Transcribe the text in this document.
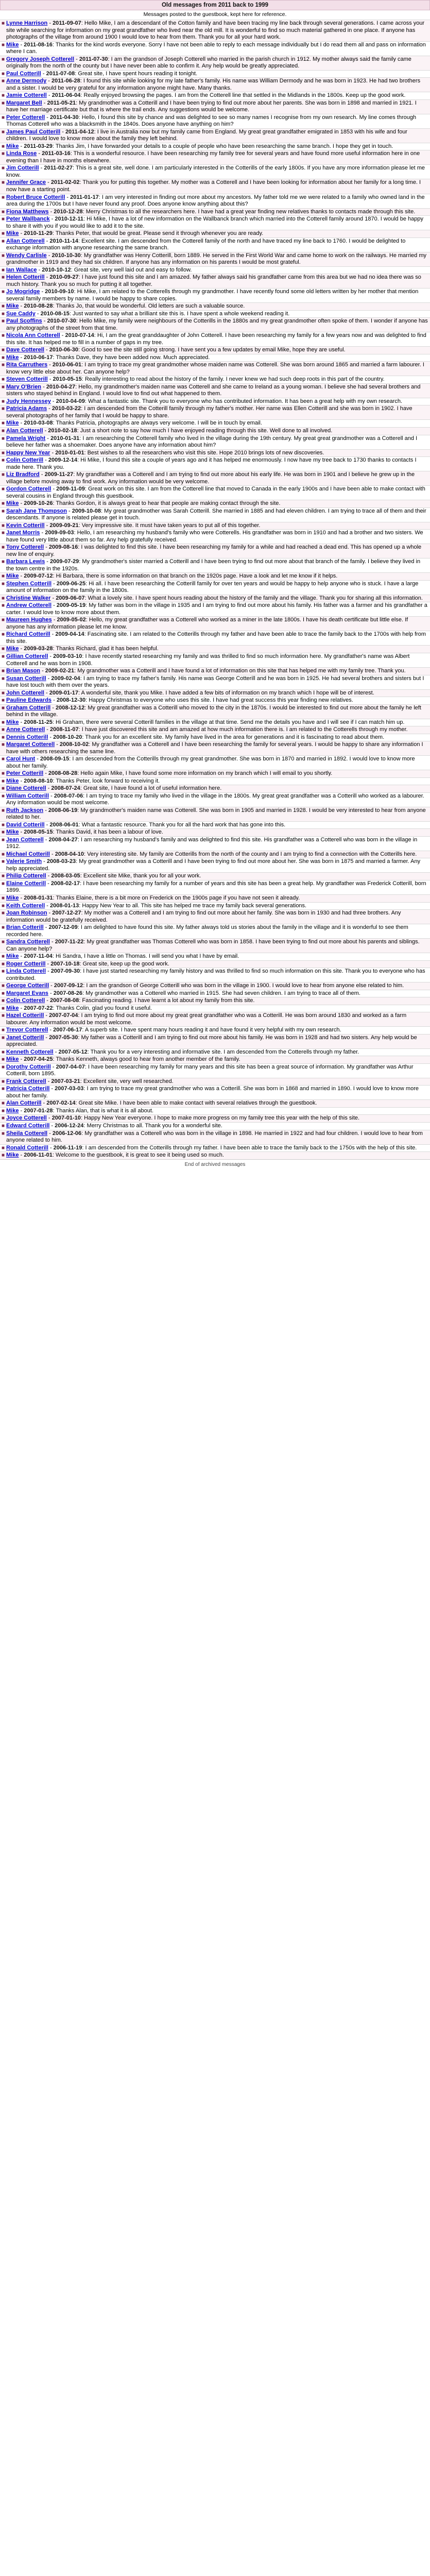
Old messages from 2011 back to 1999
Messages posted to the guestbook, kept here for reference.
■ Lynne Harrison - 2011-09-07: Hello Mike, I am a descendant of the Cotton family and have been tracing my line back through several generations. I came across your site while searching for information on my great grandfather who lived near the old mill. It is wonderful to find so much material gathered in one place. If anyone has photographs of the village from around 1900 I would love to hear from them. Thank you for all your hard work.
■ Mike - 2011-08-16: Thanks for the kind words everyone. Sorry I have not been able to reply to each message individually but I do read them all and pass on information where I can.
■ Gregory Joseph Cotterell - 2011-07-30: I am the grandson of Joseph Cotterell who married in the parish church in 1912. My mother always said the family came originally from the north of the county but I have never been able to confirm it. Any help would be greatly appreciated.
■ Paul Cotterill - 2011-07-08: Great site, I have spent hours reading it tonight.
■ Anne Dermody - 2011-06-28: I found this site while looking for my late father's family. His name was William Dermody and he was born in 1923. He had two brothers and a sister. I would be very grateful for any information anyone might have. Many thanks.
■ Jamie Cotterell - 2011-06-04: Really enjoyed browsing the pages. I am from the Cotterell line that settled in the Midlands in the 1800s. Keep up the good work.
■ Margaret Bell - 2011-05-21: My grandmother was a Cotterill and I have been trying to find out more about her parents. She was born in 1898 and married in 1921. I have her marriage certificate but that is where the trail ends. Any suggestions would be welcome.
■ Peter Cotterell - 2011-04-30: Hello, I found this site by chance and was delighted to see so many names I recognise from my own research. My line comes through Thomas Cotterell who was a blacksmith in the 1840s. Does anyone have anything on him?
■ James Paul Cotterill - 2011-04-12: I live in Australia now but my family came from England. My great great grandfather emigrated in 1853 with his wife and four children. I would love to know more about the family they left behind.
■ Mike - 2011-03-29: Thanks Jim, I have forwarded your details to a couple of people who have been researching the same branch. I hope they get in touch.
■ Linda Rose - 2011-03-16: This is a wonderful resource. I have been researching my family tree for several years and have found more useful information here in one evening than I have in months elsewhere.
■ Jim Cotterill - 2011-02-27: This is a great site, well done. I am particularly interested in the Cotterills of the early 1800s. If you have any more information please let me know.
■ Jennifer Grace - 2011-02-02: Thank you for putting this together. My mother was a Cotterell and I have been looking for information about her family for a long time. I now have a starting point.
■ Robert Bruce Cotterill - 2011-01-17: I am very interested in finding out more about my ancestors. My father told me we were related to a family who owned land in the area during the 1700s but I have never found any proof. Does anyone know anything about this?
■ Fiona Matthews - 2010-12-28: Merry Christmas to all the researchers here. I have had a great year finding new relatives thanks to contacts made through this site.
■ Peter Wallbanck - 2010-12-11: Hi Mike, I have a lot of new information on the Wallbanck branch which married into the Cotterell family around 1870. I would be happy to share it with you if you would like to add it to the site.
■ Mike - 2010-11-29: Thanks Peter, that would be great. Please send it through whenever you are ready.
■ Allan Cotterell - 2010-11-14: Excellent site. I am descended from the Cotterell family of the north and have traced my line back to 1760. I would be delighted to exchange information with anyone researching the same branch.
■ Wendy Carlisle - 2010-10-30: My grandfather was Henry Cotterill, born 1889. He served in the First World War and came home to work on the railways. He married my grandmother in 1919 and they had six children. If anyone has any information on his parents I would be most grateful.
■ Ian Wallace - 2010-10-12: Great site, very well laid out and easy to follow.
■ Helen Cotterill - 2010-09-27: I have just found this site and I am amazed. My father always said his grandfather came from this area but we had no idea there was so much history. Thank you so much for putting it all together.
■ Jo Mogridge - 2010-09-10: Hi Mike, I am related to the Cotterells through my grandmother. I have recently found some old letters written by her mother that mention several family members by name. I would be happy to share copies.
■ Mike - 2010-08-28: Thanks Jo, that would be wonderful. Old letters are such a valuable source.
■ Sue Caddy - 2010-08-15: Just wanted to say what a brilliant site this is. I have spent a whole weekend reading it.
■ Paul Scoffins - 2010-07-30: Hello Mike, my family were neighbours of the Cotterills in the 1880s and my great grandmother often spoke of them. I wonder if anyone has any photographs of the street from that time.
■ Nicola Ann Cotterell - 2010-07-14: Hi, I am the great granddaughter of John Cotterell. I have been researching my family for a few years now and was delighted to find this site. It has helped me to fill in a number of gaps in my tree.
■ Dave Cotterell - 2010-06-30: Good to see the site still going strong. I have sent you a few updates by email Mike, hope they are useful.
■ Mike - 2010-06-17: Thanks Dave, they have been added now. Much appreciated.
■ Rita Carruthers - 2010-06-01: I am trying to trace my great grandmother whose maiden name was Cotterell. She was born around 1865 and married a farm labourer. I know very little else about her. Can anyone help?
■ Steven Cotterill - 2010-05-15: Really interesting to read about the history of the family. I never knew we had such deep roots in this part of the country.
■ Mary O'Brien - 2010-04-27: Hello, my grandmother's maiden name was Cotterell and she came to Ireland as a young woman. I believe she had several brothers and sisters who stayed behind in England. I would love to find out what happened to them.
■ Judy Hennessey - 2010-04-09: What a fantastic site. Thank you to everyone who has contributed information. It has been a great help with my own research.
■ Patricia Adams - 2010-03-22: I am descended from the Cotterill family through my father's mother. Her name was Ellen Cotterill and she was born in 1902. I have several photographs of her family that I would be happy to share.
■ Mike - 2010-03-08: Thanks Patricia, photographs are always very welcome. I will be in touch by email.
■ Alan Cotterell - 2010-02-18: Just a short note to say how much I have enjoyed reading through this site. Well done to all involved.
■ Pamela Wright - 2010-01-31: I am researching the Cotterell family who lived in the village during the 19th century. My great great grandmother was a Cotterell and I believe her father was a shoemaker. Does anyone have any information about him?
■ Happy New Year - 2010-01-01: Best wishes to all the researchers who visit this site. Hope 2010 brings lots of new discoveries.
■ Colin Cotterill - 2009-12-14: Hi Mike, I found this site a couple of years ago and it has helped me enormously. I now have my tree back to 1730 thanks to contacts I made here. Thank you.
■ Liz Bradford - 2009-11-27: My grandfather was a Cotterell and I am trying to find out more about his early life. He was born in 1901 and I believe he grew up in the village before moving away to find work. Any information would be very welcome.
■ Gordon Cotterell - 2009-11-09: Great work on this site. I am from the Cotterell line that moved to Canada in the early 1900s and I have been able to make contact with several cousins in England through this guestbook.
■ Mike - 2009-10-26: Thanks Gordon, it is always great to hear that people are making contact through the site.
■ Sarah Jane Thompson - 2009-10-08: My great grandmother was Sarah Cotterill. She married in 1885 and had eleven children. I am trying to trace all of them and their descendants. If anyone is related please get in touch.
■ Kevin Cotterill - 2009-09-21: Very impressive site. It must have taken years to put all of this together.
■ Janet Morris - 2009-09-03: Hello, I am researching my husband's family who were Cotterells. His grandfather was born in 1910 and had a brother and two sisters. We have found very little about them so far. Any help gratefully received.
■ Tony Cotterell - 2009-08-16: I was delighted to find this site. I have been researching my family for a while and had reached a dead end. This has opened up a whole new line of enquiry.
■ Barbara Lewis - 2009-07-29: My grandmother's sister married a Cotterill and I have been trying to find out more about that branch of the family. I believe they lived in the town centre in the 1920s.
■ Mike - 2009-07-12: Hi Barbara, there is some information on that branch on the 1920s page. Have a look and let me know if it helps.
■ Stephen Cotterill - 2009-06-25: Hi all. I have been researching the Cotterill family for over ten years and would be happy to help anyone who is stuck. I have a large amount of information on the family in the 1800s.
■ Christine Walker - 2009-06-07: What a lovely site. I have spent hours reading about the history of the family and the village. Thank you for sharing all this information.
■ Andrew Cotterell - 2009-05-19: My father was born in the village in 1935 and I am trying to find out more about his family. His father was a farmer and his grandfather a carter. I would love to know more about them.
■ Maureen Hughes - 2009-05-02: Hello, my great grandfather was a Cotterell who worked as a miner in the late 1800s. I have his death certificate but little else. If anyone has any information please let me know.
■ Richard Cotterill - 2009-04-14: Fascinating site. I am related to the Cotterills through my father and have been able to trace the family back to the 1700s with help from this site.
■ Mike - 2009-03-28: Thanks Richard, glad it has been helpful.
■ Gillian Cotterell - 2009-03-10: I have recently started researching my family and was thrilled to find so much information here. My grandfather's name was Albert Cotterell and he was born in 1908.
■ Brian Mason - 2009-02-21: My grandmother was a Cotterill and I have found a lot of information on this site that has helped me with my family tree. Thank you.
■ Susan Cotterill - 2009-02-04: I am trying to trace my father's family. His name was George Cotterill and he was born in 1925. He had several brothers and sisters but I have lost touch with them over the years.
■ John Cotterell - 2009-01-17: A wonderful site, thank you Mike. I have added a few bits of information on my branch which I hope will be of interest.
■ Pauline Edwards - 2008-12-30: Happy Christmas to everyone who uses this site. I have had great success this year finding new relatives.
■ Graham Cotterill - 2008-12-12: My great grandfather was a Cotterill who moved to the city in the 1870s. I would be interested to find out more about the family he left behind in the village.
■ Mike - 2008-11-25: Hi Graham, there were several Cotterill families in the village at that time. Send me the details you have and I will see if I can match him up.
■ Anne Cotterell - 2008-11-07: I have just discovered this site and am amazed at how much information there is. I am related to the Cotterells through my mother.
■ Dennis Cotterill - 2008-10-20: Thank you for an excellent site. My family have lived in the area for generations and it is fascinating to read about them.
■ Margaret Cotterell - 2008-10-02: My grandfather was a Cotterell and I have been researching the family for several years. I would be happy to share any information I have with others researching the same line.
■ Carol Hunt - 2008-09-15: I am descended from the Cotterills through my great grandmother. She was born in 1870 and married in 1892. I would love to know more about her family.
■ Peter Cotterill - 2008-08-28: Hello again Mike, I have found some more information on my branch which I will email to you shortly.
■ Mike - 2008-08-10: Thanks Peter, look forward to receiving it.
■ Diane Cotterell - 2008-07-24: Great site, I have found a lot of useful information here.
■ William Cotterill - 2008-07-06: I am trying to trace my family who lived in the village in the 1800s. My great great grandfather was a Cotterill who worked as a labourer. Any information would be most welcome.
■ Ruth Jackson - 2008-06-19: My grandmother's maiden name was Cotterell. She was born in 1905 and married in 1928. I would be very interested to hear from anyone related to her.
■ David Cotterill - 2008-06-01: What a fantastic resource. Thank you for all the hard work that has gone into this.
■ Mike - 2008-05-15: Thanks David, it has been a labour of love.
■ Jean Cotterell - 2008-04-27: I am researching my husband's family and was delighted to find this site. His grandfather was a Cotterell who was born in the village in 1912.
■ Michael Cotterill - 2008-04-10: Very interesting site. My family are Cotterills from the north of the county and I am trying to find a connection with the Cotterills here.
■ Valerie Smith - 2008-03-23: My great grandmother was a Cotterill and I have been trying to find out more about her. She was born in 1875 and married a farmer. Any help appreciated.
■ Philip Cotterell - 2008-03-05: Excellent site Mike, thank you for all your work.
■ Elaine Cotterill - 2008-02-17: I have been researching my family for a number of years and this site has been a great help. My grandfather was Frederick Cotterill, born 1899.
■ Mike - 2008-01-31: Thanks Elaine, there is a bit more on Frederick on the 1900s page if you have not seen it already.
■ Keith Cotterell - 2008-01-13: Happy New Year to all. This site has helped me trace my family back several generations.
■ Joan Robinson - 2007-12-27: My mother was a Cotterell and I am trying to find out more about her family. She was born in 1930 and had three brothers. Any information would be gratefully received.
■ Brian Cotterill - 2007-12-09: I am delighted to have found this site. My father always told us stories about the family in the village and it is wonderful to see them recorded here.
■ Sandra Cotterell - 2007-11-22: My great grandfather was Thomas Cotterell who was born in 1858. I have been trying to find out more about his parents and siblings. Can anyone help?
■ Mike - 2007-11-04: Hi Sandra, I have a little on Thomas. I will send you what I have by email.
■ Roger Cotterill - 2007-10-18: Great site, keep up the good work.
■ Linda Cotterell - 2007-09-30: I have just started researching my family history and was thrilled to find so much information on this site. Thank you to everyone who has contributed.
■ George Cotterill - 2007-09-12: I am the grandson of George Cotterill who was born in the village in 1900. I would love to hear from anyone else related to him.
■ Margaret Evans - 2007-08-26: My grandmother was a Cotterell who married in 1915. She had seven children. I am trying to trace all of them.
■ Colin Cotterell - 2007-08-08: Fascinating reading. I have learnt a lot about my family from this site.
■ Mike - 2007-07-22: Thanks Colin, glad you found it useful.
■ Hazel Cotterill - 2007-07-04: I am trying to find out more about my great great grandfather who was a Cotterill. He was born around 1830 and worked as a farm labourer. Any information would be most welcome.
■ Trevor Cotterell - 2007-06-17: A superb site. I have spent many hours reading it and have found it very helpful with my own research.
■ Janet Cotterill - 2007-05-30: My father was a Cotterill and I am trying to find out more about his family. He was born in 1928 and had two sisters. Any help would be appreciated.
■ Kenneth Cotterell - 2007-05-12: Thank you for a very interesting and informative site. I am descended from the Cotterells through my father.
■ Mike - 2007-04-25: Thanks Kenneth, always good to hear from another member of the family.
■ Dorothy Cotterill - 2007-04-07: I have been researching my family for many years and this site has been a great source of information. My grandfather was Arthur Cotterill, born 1895.
■ Frank Cotterell - 2007-03-21: Excellent site, very well researched.
■ Patricia Cotterill - 2007-03-03: I am trying to trace my great grandmother who was a Cotterill. She was born in 1868 and married in 1890. I would love to know more about her family.
■ Alan Cotterill - 2007-02-14: Great site Mike. I have been able to make contact with several relatives through the guestbook.
■ Mike - 2007-01-28: Thanks Alan, that is what it is all about.
■ Joyce Cotterell - 2007-01-10: Happy New Year everyone. I hope to make more progress on my family tree this year with the help of this site.
■ Edward Cotterill - 2006-12-24: Merry Christmas to all. Thank you for a wonderful site.
■ Sheila Cotterell - 2006-12-06: My grandfather was a Cotterell who was born in the village in 1898. He married in 1922 and had four children. I would love to hear from anyone related to him.
■ Ronald Cotterill - 2006-11-19: I am descended from the Cotterills through my father. I have been able to trace the family back to the 1750s with the help of this site.
■ Mike - 2006-11-01: Welcome to the guestbook, it is great to see it being used so much.
End of archived messages
